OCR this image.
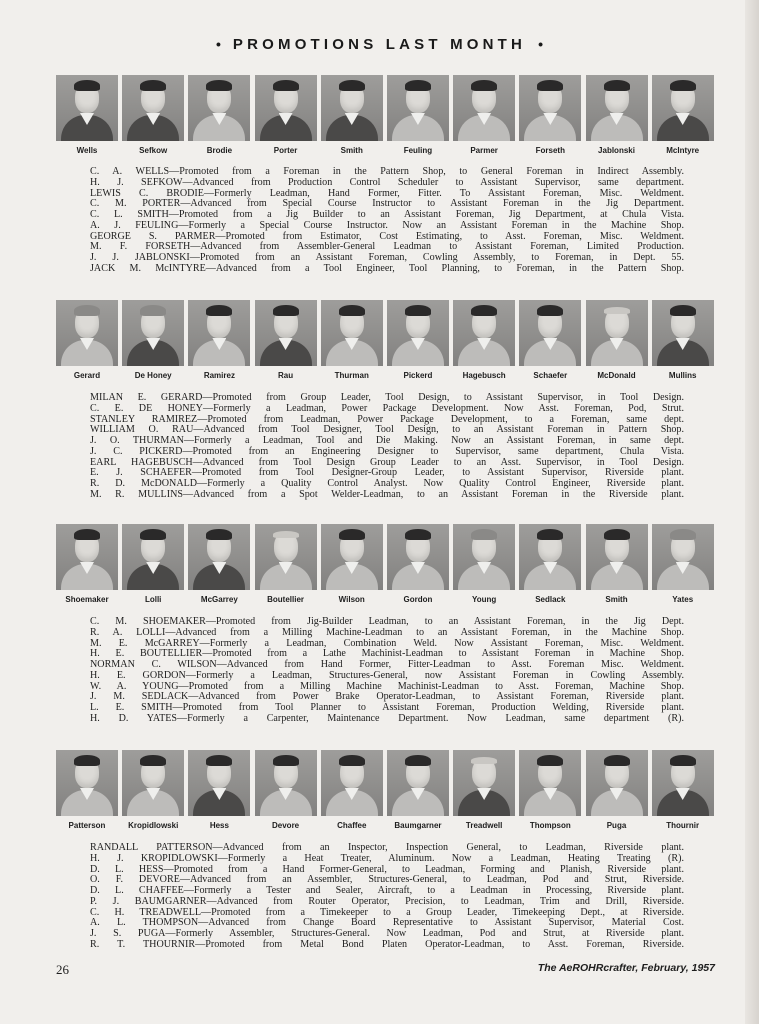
• PROMOTIONS LAST MONTH •
Wells	Sefkow	Brodie	Porter	Smith	Feuling	Parmer	Forseth	Jablonski	McIntyre
C. A. WELLS—Promoted from a Foreman in the Pattern Shop, to General Foreman in Indirect Assembly.
H. J. SEFKOW—Advanced from Production Control Scheduler to Assistant Supervisor, same department.
LEWIS C. BRODIE—Formerly Leadman, Hand Former, Fitter. To Assistant Foreman, Misc. Weldment.
C. M. PORTER—Advanced from Special Course Instructor to Assistant Foreman in the Jig Department.
C. L. SMITH—Promoted from a Jig Builder to an Assistant Foreman, Jig Department, at Chula Vista.
A. J. FEULING—Formerly a Special Course Instructor. Now an Assistant Foreman in the Machine Shop.
GEORGE S. PARMER—Promoted from Estimator, Cost Estimating, to Asst. Foreman, Misc. Weldment.
M. F. FORSETH—Advanced from Assembler-General Leadman to Assistant Foreman, Limited Production.
J. J. JABLONSKI—Promoted from an Assistant Foreman, Cowling Assembly, to Foreman, in Dept. 55.
JACK M. McINTYRE—Advanced from a Tool Engineer, Tool Planning, to Foreman, in the Pattern Shop.
Gerard	De Honey	Ramirez	Rau	Thurman	Pickerd	Hagebusch	Schaefer	McDonald	Mullins
MILAN E. GERARD—Promoted from Group Leader, Tool Design, to Assistant Supervisor, in Tool Design.
C. E. DE HONEY—Formerly a Leadman, Power Package Development. Now Asst. Foreman, Pod, Strut.
STANLEY RAMIREZ—Promoted from Leadman, Power Package Development, to a Foreman, same dept.
WILLIAM O. RAU—Advanced from Tool Designer, Tool Design, to an Assistant Foreman in Pattern Shop.
J. O. THURMAN—Formerly a Leadman, Tool and Die Making. Now an Assistant Foreman, in same dept.
J. C. PICKERD—Promoted from an Engineering Designer to Supervisor, same department, Chula Vista.
EARL HAGEBUSCH—Advanced from Tool Design Group Leader to an Asst. Supervisor, in Tool Design.
E. J. SCHAEFER—Promoted from Tool Designer-Group Leader, to Assistant Supervisor, Riverside plant.
R. D. McDONALD—Formerly a Quality Control Analyst. Now Quality Control Engineer, Riverside plant.
M. R. MULLINS—Advanced from a Spot Welder-Leadman, to an Assistant Foreman in the Riverside plant.
Shoemaker	Lolli	McGarrey	Boutellier	Wilson	Gordon	Young	Sedlack	Smith	Yates
C. M. SHOEMAKER—Promoted from Jig-Builder Leadman, to an Assistant Foreman, in the Jig Dept.
R. A. LOLLI—Advanced from a Milling Machine-Leadman to an Assistant Foreman, in the Machine Shop.
M. E. McGARREY—Formerly a Leadman, Combination Weld. Now Assistant Foreman, Misc. Weldment.
H. E. BOUTELLIER—Promoted from a Lathe Machinist-Leadman to Assistant Foreman in Machine Shop.
NORMAN C. WILSON—Advanced from Hand Former, Fitter-Leadman to Asst. Foreman Misc. Weldment.
H. E. GORDON—Formerly a Leadman, Structures-General, now Assistant Foreman in Cowling Assembly.
W. A. YOUNG—Promoted from a Milling Machine Machinist-Leadman to Asst. Foreman, Machine Shop.
J. M. SEDLACK—Advanced from Power Brake Operator-Leadman, to Assistant Foreman, Riverside plant.
L. E. SMITH—Promoted from Tool Planner to Assistant Foreman, Production Welding, Riverside plant.
H. D. YATES—Formerly a Carpenter, Maintenance Department. Now Leadman, same department (R).
Patterson	Kropidlowski	Hess	Devore	Chaffee	Baumgarner	Treadwell	Thompson	Puga	Thournir
RANDALL PATTERSON—Advanced from an Inspector, Inspection General, to Leadman, Riverside plant.
H. J. KROPIDLOWSKI—Formerly a Heat Treater, Aluminum. Now a Leadman, Heating Treating (R).
D. L. HESS—Promoted from a Hand Former-General, to Leadman, Forming and Planish, Riverside plant.
O. F. DEVORE—Advanced from an Assembler, Structures-General, to Leadman, Pod and Strut, Riverside.
D. L. CHAFFEE—Formerly a Tester and Sealer, Aircraft, to a Leadman in Processing, Riverside plant.
P. J. BAUMGARNER—Advanced from Router Operator, Precision, to Leadman, Trim and Drill, Riverside.
C. H. TREADWELL—Promoted from a Timekeeper to a Group Leader, Timekeeping Dept., at Riverside.
A. L. THOMPSON—Advanced from Change Board Representative to Assistant Supervisor, Material Cost.
J. S. PUGA—Formerly Assembler, Structures-General. Now Leadman, Pod and Strut, at Riverside plant.
R. T. THOURNIR—Promoted from Metal Bond Platen Operator-Leadman, to Asst. Foreman, Riverside.
26	The AeROHRcrafter, February, 1957
